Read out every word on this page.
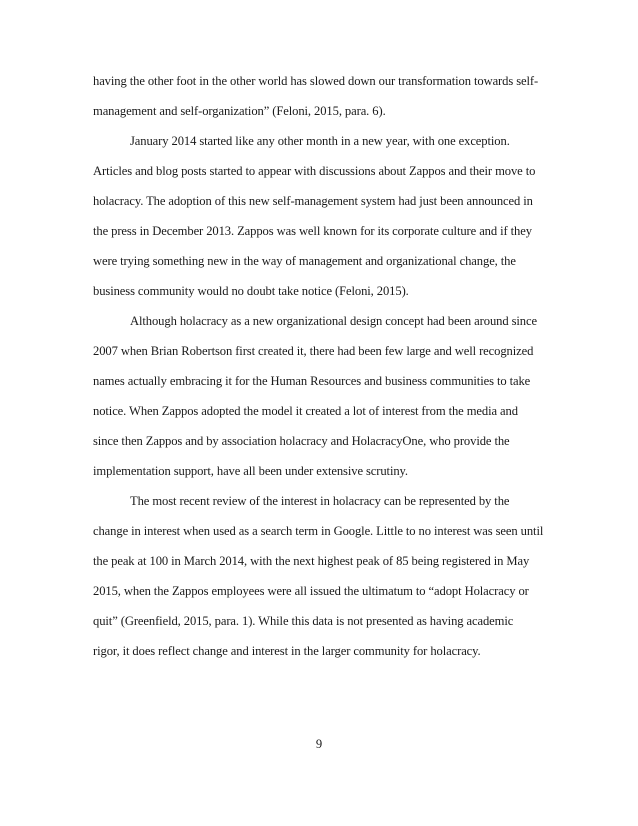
having the other foot in the other world has slowed down our transformation towards self-
management and self-organization” (Feloni, 2015, para. 6).
January 2014 started like any other month in a new year, with one exception.
Articles and blog posts started to appear with discussions about Zappos and their move to
holacracy. The adoption of this new self-management system had just been announced in
the press in December 2013. Zappos was well known for its corporate culture and if they
were trying something new in the way of management and organizational change, the
business community would no doubt take notice (Feloni, 2015).
Although holacracy as a new organizational design concept had been around since
2007 when Brian Robertson first created it, there had been few large and well recognized
names actually embracing it for the Human Resources and business communities to take
notice. When Zappos adopted the model it created a lot of interest from the media and
since then Zappos and by association holacracy and HolacracyOne, who provide the
implementation support, have all been under extensive scrutiny.
The most recent review of the interest in holacracy can be represented by the
change in interest when used as a search term in Google. Little to no interest was seen until
the peak at 100 in March 2014, with the next highest peak of 85 being registered in May
2015, when the Zappos employees were all issued the ultimatum to “adopt Holacracy or
quit” (Greenfield, 2015, para. 1). While this data is not presented as having academic
rigor, it does reflect change and interest in the larger community for holacracy.
9
